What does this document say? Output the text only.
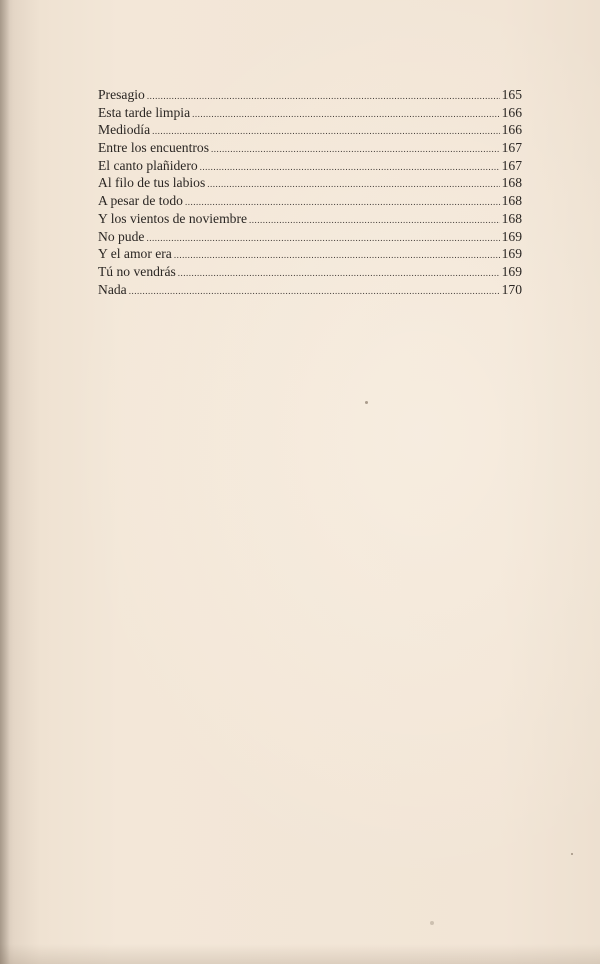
Presagio .....	165
Esta tarde limpia .....	166
Mediodía .....	166
Entre los encuentros .....	167
El canto plañidero .....	167
Al filo de tus labios .....	168
A pesar de todo .....	168
Y los vientos de noviembre .....	168
No pude .....	169
Y el amor era .....	169
Tú no vendrás .....	169
Nada .....	170
